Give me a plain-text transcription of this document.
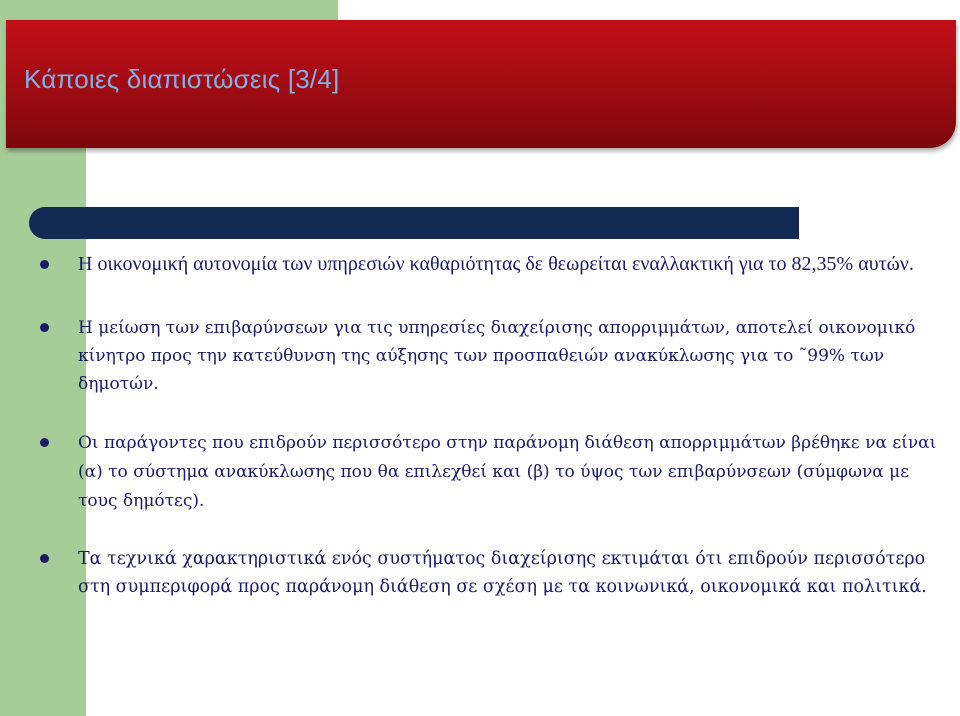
Κάποιες διαπιστώσεις [3/4]
Η οικονομική αυτονομία των υπηρεσιών καθαριότητας δε θεωρείται εναλλακτική για το 82,35% αυτών.
Η μείωση των επιβαρύνσεων για τις υπηρεσίες διαχείρισης απορριμμάτων, αποτελεί οικονομικό κίνητρο προς την κατεύθυνση της αύξησης των προσπαθειών ανακύκλωσης για το ˜99% των δημοτών.
Οι παράγοντες που επιδρούν περισσότερο στην παράνομη διάθεση απορριμμάτων βρέθηκε να είναι (α) το σύστημα ανακύκλωσης που θα επιλεχθεί και (β) το ύψος των επιβαρύνσεων (σύμφωνα με τους δημότες).
Τα τεχνικά χαρακτηριστικά ενός συστήματος διαχείρισης εκτιμάται ότι επιδρούν περισσότερο στη συμπεριφορά προς παράνομη διάθεση σε σχέση με τα κοινωνικά, οικονομικά και πολιτικά.
